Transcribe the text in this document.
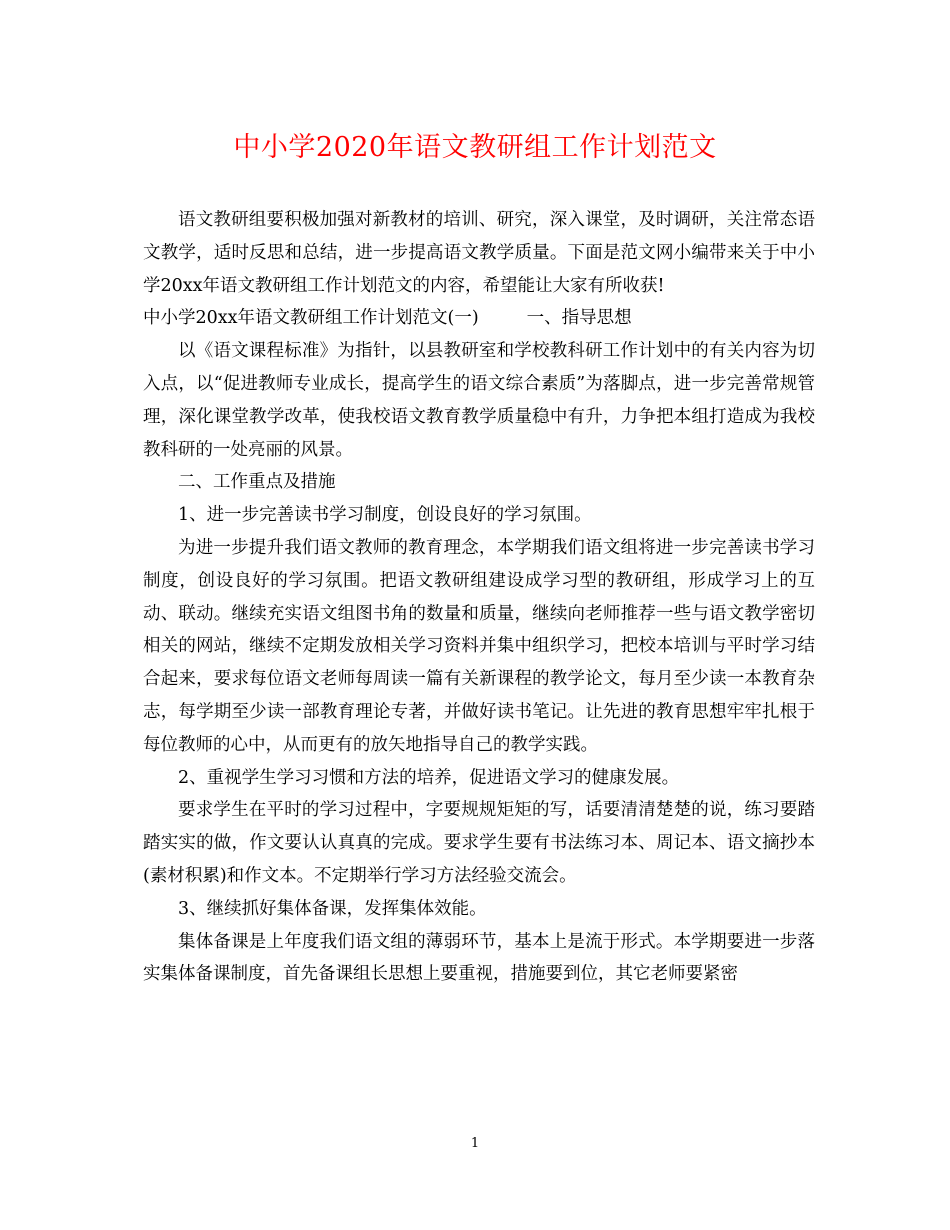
中小学2020年语文教研组工作计划范文

语文教研组要积极加强对新教材的培训、研究，深入课堂，及时调研，关注常态语文教学，适时反思和总结，进一步提高语文教学质量。下面是范文网小编带来关于中小学20xx年语文教研组工作计划范文的内容，希望能让大家有所收获!

中小学20xx年语文教研组工作计划范文(一)	一、指导思想

以《语文课程标准》为指针，以县教研室和学校教科研工作计划中的有关内容为切入点，以“促进教师专业成长，提高学生的语文综合素质”为落脚点，进一步完善常规管理，深化课堂教学改革，使我校语文教育教学质量稳中有升，力争把本组打造成为我校教科研的一处亮丽的风景。

二、工作重点及措施

1、进一步完善读书学习制度，创设良好的学习氛围。

为进一步提升我们语文教师的教育理念，本学期我们语文组将进一步完善读书学习制度，创设良好的学习氛围。把语文教研组建设成学习型的教研组，形成学习上的互动、联动。继续充实语文组图书角的数量和质量，继续向老师推荐一些与语文教学密切相关的网站，继续不定期发放相关学习资料并集中组织学习，把校本培训与平时学习结合起来，要求每位语文老师每周读一篇有关新课程的教学论文，每月至少读一本教育杂志，每学期至少读一部教育理论专著，并做好读书笔记。让先进的教育思想牢牢扎根于每位教师的心中，从而更有的放矢地指导自己的教学实践。

2、重视学生学习习惯和方法的培养，促进语文学习的健康发展。

要求学生在平时的学习过程中，字要规规矩矩的写，话要清清楚楚的说，练习要踏踏实实的做，作文要认认真真的完成。要求学生要有书法练习本、周记本、语文摘抄本(素材积累)和作文本。不定期举行学习方法经验交流会。

3、继续抓好集体备课，发挥集体效能。

集体备课是上年度我们语文组的薄弱环节，基本上是流于形式。本学期要进一步落实集体备课制度，首先备课组长思想上要重视，措施要到位，其它老师要紧密

1
